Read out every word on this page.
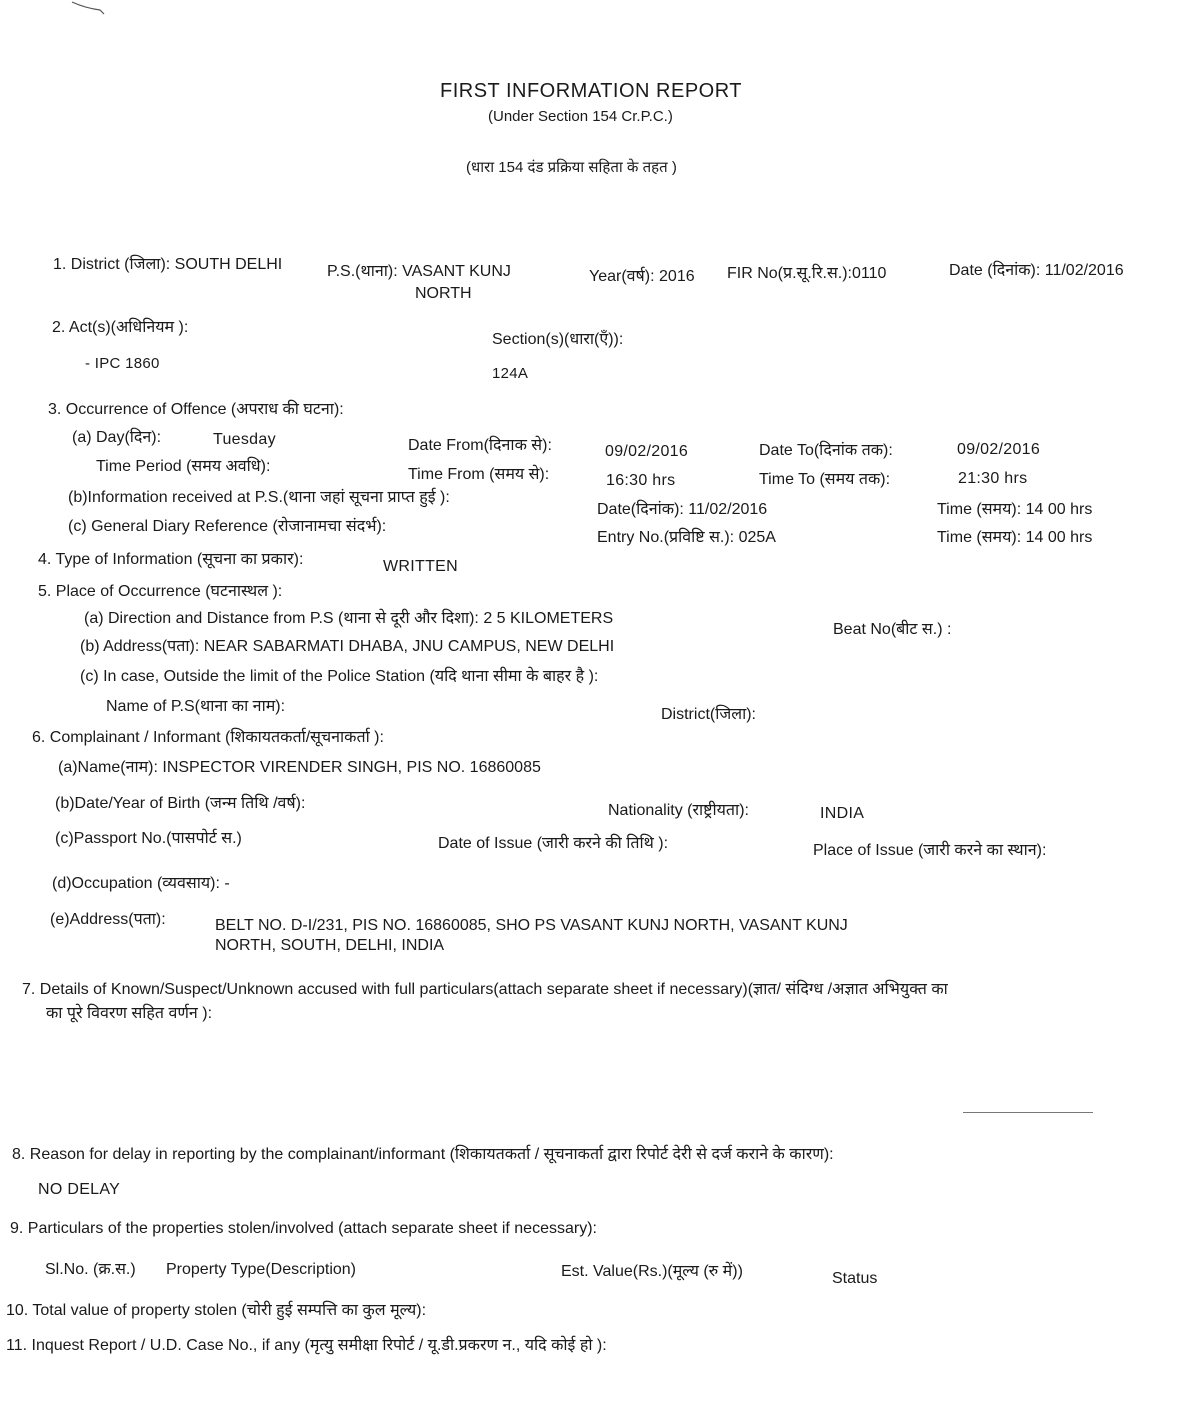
FIRST INFORMATION REPORT
(Under Section 154 Cr.P.C.)
(धारा 154 दंड प्रक्रिया सहिता के तहत )
1. District (जिला): SOUTH DELHI	P.S.(थाना): VASANT KUNJ
NORTH
Year(वर्ष): 2016 FIR No(प्र.सू.रि.स.):0110	Date (दिनांक): 11/02/2016
2. Act(s)(अधिनियम ):
Section(s)(धारा(एँ)):
- IPC 1860
124A
3. Occurrence of Offence (अपराध की घटना):
(a) Day(दिन):	Tuesday	Date From(दिनाक से):	09/02/2016	Date To(दिनांक तक):	09/02/2016
Time Period (समय अवधि):	Time From (समय से):	16:30 hrs	Time To (समय तक):	21:30 hrs
(b)Information received at P.S.(थाना जहां सूचना प्राप्त हुई ):
Date(दिनांक): 11/02/2016	Time (समय): 14 00 hrs
(c) General Diary Reference (रोजानामचा संदर्भ):
Entry No.(प्रविष्टि स.): 025A	Time (समय): 14 00 hrs
4. Type of Information (सूचना का प्रकार):	WRITTEN
5. Place of Occurrence (घटनास्थल ):
(a) Direction and Distance from P.S (थाना से दूरी और दिशा): 2 5 KILOMETERS
Beat No(बीट स.) :
(b) Address(पता): NEAR SABARMATI DHABA, JNU CAMPUS, NEW DELHI
(c) In case, Outside the limit of the Police Station (यदि थाना सीमा के बाहर है ):
Name of P.S(थाना का नाम):	District(जिला):
6. Complainant / Informant (शिकायतकर्ता/सूचनाकर्ता ):
(a)Name(नाम): INSPECTOR VIRENDER SINGH, PIS NO. 16860085
(b)Date/Year of Birth (जन्म तिथि /वर्ष):	Nationality (राष्ट्रीयता):	INDIA
(c)Passport No.(पासपोर्ट स.)	Date of Issue (जारी करने की तिथि ):	Place of Issue (जारी करने का स्थान):
(d)Occupation (व्यवसाय): -
(e)Address(पता):	BELT NO. D-I/231, PIS NO. 16860085, SHO PS VASANT KUNJ NORTH, VASANT KUNJ
NORTH, SOUTH, DELHI, INDIA
7. Details of Known/Suspect/Unknown accused with full particulars(attach separate sheet if necessary)(ज्ञात/ संदिग्ध /अज्ञात अभियुक्त का
का पूरे विवरण सहित वर्णन ):
8. Reason for delay in reporting by the complainant/informant (शिकायतकर्ता / सूचनाकर्ता द्वारा रिपोर्ट देरी से दर्ज कराने के कारण):
NO DELAY
9. Particulars of the properties stolen/involved (attach separate sheet if necessary):
Sl.No. (क्र.स.) Property Type(Description)	Est. Value(Rs.)(मूल्य (रु में))	Status
10. Total value of property stolen (चोरी हुई सम्पत्ति का कुल मूल्य):
11. Inquest Report / U.D. Case No., if any (मृत्यु समीक्षा रिपोर्ट / यू.डी.प्रकरण न., यदि कोई हो ):
